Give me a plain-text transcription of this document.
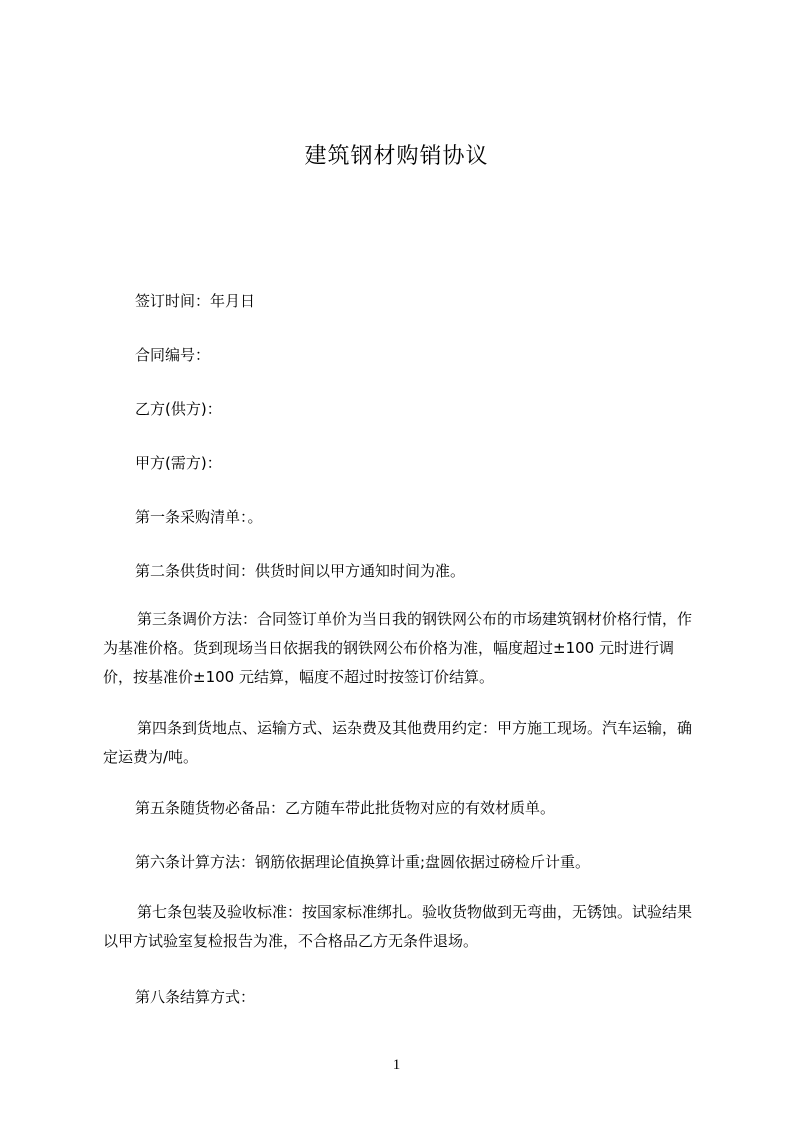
建筑钢材购销协议
签订时间：年月日
合同编号：
乙方(供方)：
甲方(需方)：
第一条采购清单：。
第二条供货时间：供货时间以甲方通知时间为准。
第三条调价方法：合同签订单价为当日我的钢铁网公布的市场建筑钢材价格行情，作为基准价格。货到现场当日依据我的钢铁网公布价格为准，幅度超过±100 元时进行调价，按基准价±100 元结算，幅度不超过时按签订价结算。
第四条到货地点、运输方式、运杂费及其他费用约定：甲方施工现场。汽车运输，确定运费为/吨。
第五条随货物必备品：乙方随车带此批货物对应的有效材质单。
第六条计算方法：钢筋依据理论值换算计重;盘圆依据过磅检斤计重。
第七条包装及验收标准：按国家标准绑扎。验收货物做到无弯曲，无锈蚀。试验结果以甲方试验室复检报告为准，不合格品乙方无条件退场。
第八条结算方式：
1
